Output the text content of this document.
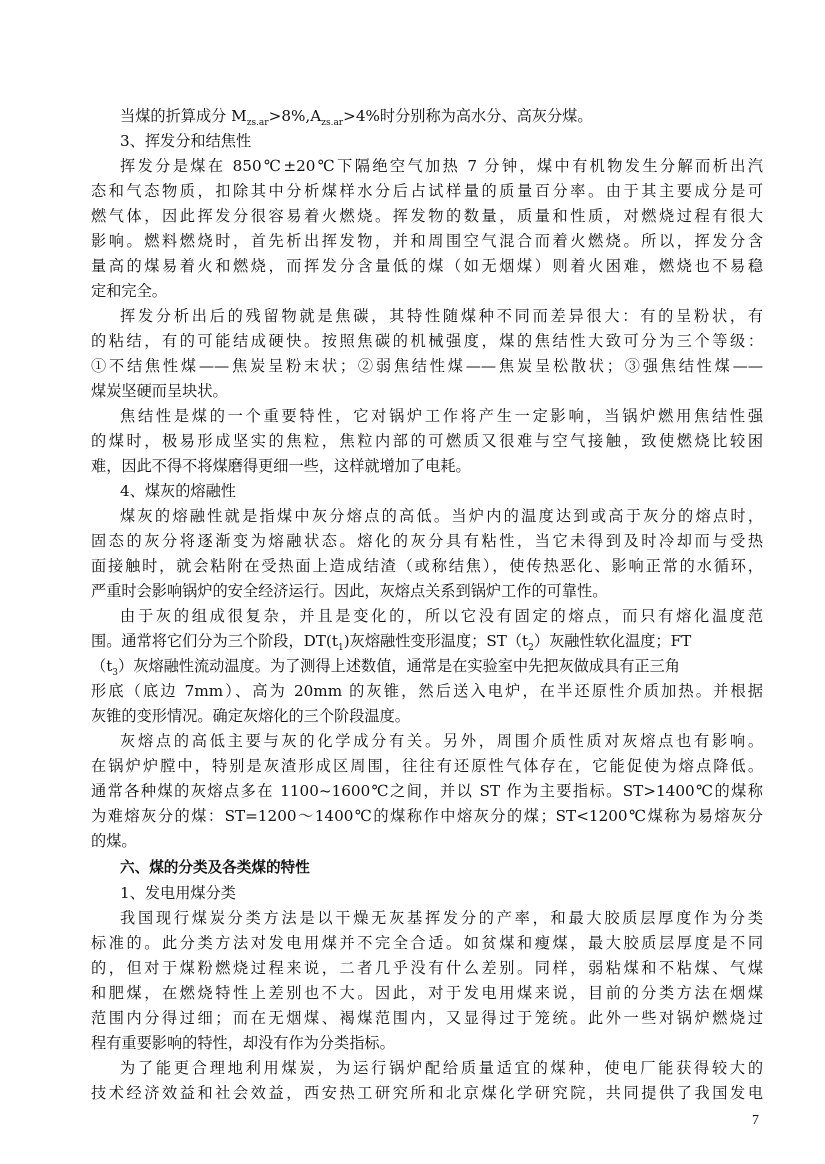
当煤的折算成分 $M_{zs.ar}>8\%,A_{zs.ar}>4\%$时分别称为高水分、高灰分煤。
3、挥发分和结焦性
挥发分是煤在 850℃±20℃下隔绝空气加热 7 分钟，煤中有机物发生分解而析出汽
态和气态物质，扣除其中分析煤样水分后占试样量的质量百分率。由于其主要成分是可
燃气体，因此挥发分很容易着火燃烧。挥发物的数量，质量和性质，对燃烧过程有很大
影响。燃料燃烧时，首先析出挥发物，并和周围空气混合而着火燃烧。所以，挥发分含
量高的煤易着火和燃烧，而挥发分含量低的煤（如无烟煤）则着火困难，燃烧也不易稳
定和完全。
挥发分析出后的残留物就是焦碳，其特性随煤种不同而差异很大：有的呈粉状，有
的粘结，有的可能结成硬快。按照焦碳的机械强度，煤的焦结性大致可分为三个等级：
①不结焦性煤——焦炭呈粉末状；②弱焦结性煤——焦炭呈松散状；③强焦结性煤——
煤炭坚硬而呈块状。
焦结性是煤的一个重要特性，它对锅炉工作将产生一定影响，当锅炉燃用焦结性强
的煤时，极易形成坚实的焦粒，焦粒内部的可燃质又很难与空气接触，致使燃烧比较困
难，因此不得不将煤磨得更细一些，这样就增加了电耗。
4、煤灰的熔融性
煤灰的熔融性就是指煤中灰分熔点的高低。当炉内的温度达到或高于灰分的熔点时，
固态的灰分将逐渐变为熔融状态。熔化的灰分具有粘性，当它未得到及时冷却而与受热
面接触时，就会粘附在受热面上造成结渣（或称结焦），使传热恶化、影响正常的水循环，
严重时会影响锅炉的安全经济运行。因此，灰熔点关系到锅炉工作的可靠性。
由于灰的组成很复杂，并且是变化的，所以它没有固定的熔点，而只有熔化温度范
围。通常将它们分为三个阶段，$DT(t_1)$灰熔融性变形温度；$ST(t_2)$灰融性软化温度；FT
$(t_3)$灰熔融性流动温度。为了测得上述数值，通常是在实验室中先把灰做成具有正三角
形底（底边 7mm）、高为 20mm 的灰锥，然后送入电炉，在半还原性介质加热。并根据
灰锥的变形情况。确定灰熔化的三个阶段温度。
灰熔点的高低主要与灰的化学成分有关。另外，周围介质性质对灰熔点也有影响。
在锅炉炉膛中，特别是灰渣形成区周围，往往有还原性气体存在，它能促使为熔点降低。
通常各种煤的灰熔点多在 1100~1600℃之间，并以 ST 作为主要指标。ST>1400℃的煤称
为难熔灰分的煤：ST=1200～1400℃的煤称作中熔灰分的煤；ST<1200℃煤称为易熔灰分
的煤。
六、煤的分类及各类煤的特性
1、发电用煤分类
我国现行煤炭分类方法是以干燥无灰基挥发分的产率，和最大胶质层厚度作为分类
标准的。此分类方法对发电用煤并不完全合适。如贫煤和瘦煤，最大胶质层厚度是不同
的，但对于煤粉燃烧过程来说，二者几乎没有什么差别。同样，弱粘煤和不粘煤、气煤
和肥煤，在燃烧特性上差别也不大。因此，对于发电用煤来说，目前的分类方法在烟煤
范围内分得过细；而在无烟煤、褐煤范围内，又显得过于笼统。此外一些对锅炉燃烧过
程有重要影响的特性，却没有作为分类指标。
为了能更合理地利用煤炭，为运行锅炉配给质量适宜的煤种，使电厂能获得较大的
技术经济效益和社会效益，西安热工研究所和北京煤化学研究院，共同提供了我国发电
7
